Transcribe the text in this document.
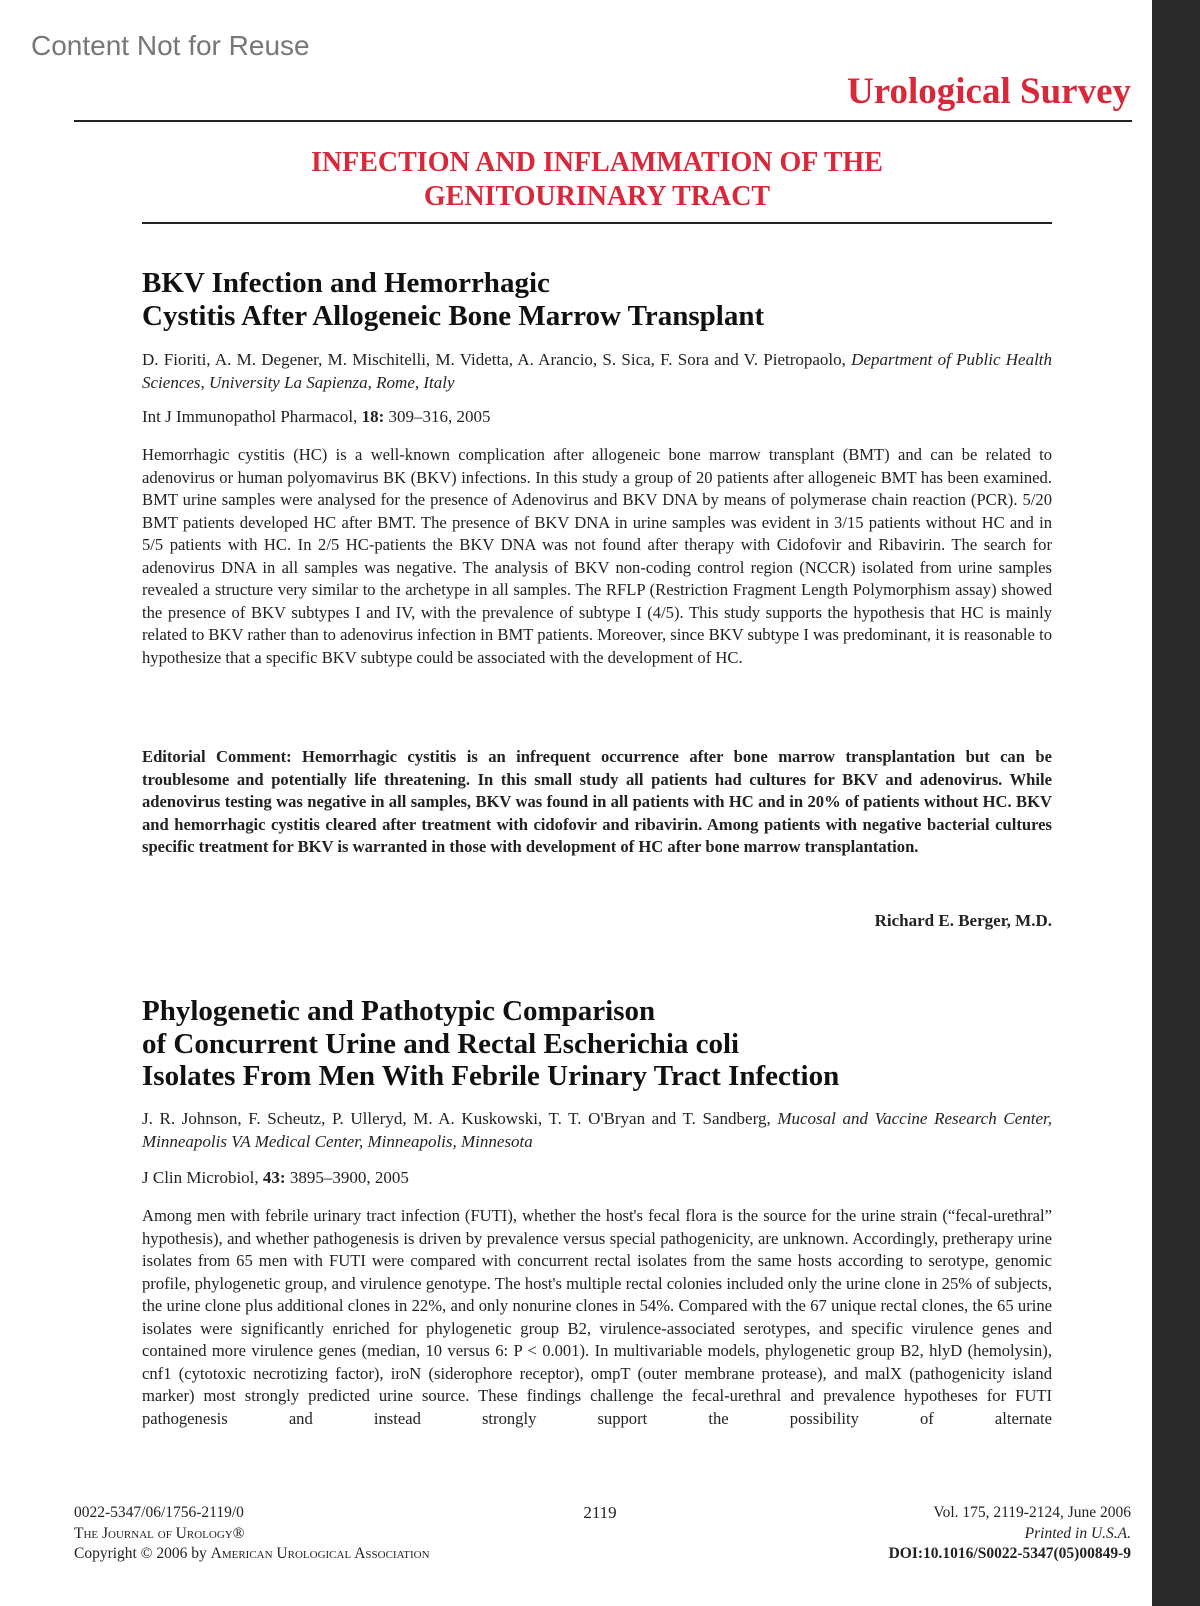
Content Not for Reuse
Urological Survey
INFECTION AND INFLAMMATION OF THE
GENITOURINARY TRACT
BKV Infection and Hemorrhagic
Cystitis After Allogeneic Bone Marrow Transplant
D. Fioriti, A. M. Degener, M. Mischitelli, M. Videtta, A. Arancio, S. Sica, F. Sora and V. Pietropaolo, Department of Public Health Sciences, University La Sapienza, Rome, Italy
Int J Immunopathol Pharmacol, 18: 309–316, 2005
Hemorrhagic cystitis (HC) is a well-known complication after allogeneic bone marrow transplant (BMT) and can be related to adenovirus or human polyomavirus BK (BKV) infections. In this study a group of 20 patients after allogeneic BMT has been examined. BMT urine samples were analysed for the presence of Adenovirus and BKV DNA by means of polymerase chain reaction (PCR). 5/20 BMT patients developed HC after BMT. The presence of BKV DNA in urine samples was evident in 3/15 patients without HC and in 5/5 patients with HC. In 2/5 HC-patients the BKV DNA was not found after therapy with Cidofovir and Ribavirin. The search for adenovirus DNA in all samples was negative. The analysis of BKV non-coding control region (NCCR) isolated from urine samples revealed a structure very similar to the archetype in all samples. The RFLP (Restriction Fragment Length Polymorphism assay) showed the presence of BKV subtypes I and IV, with the prevalence of subtype I (4/5). This study supports the hypothesis that HC is mainly related to BKV rather than to adenovirus infection in BMT patients. Moreover, since BKV subtype I was predominant, it is reasonable to hypothesize that a specific BKV subtype could be associated with the development of HC.
Editorial Comment: Hemorrhagic cystitis is an infrequent occurrence after bone marrow transplantation but can be troublesome and potentially life threatening. In this small study all patients had cultures for BKV and adenovirus. While adenovirus testing was negative in all samples, BKV was found in all patients with HC and in 20% of patients without HC. BKV and hemorrhagic cystitis cleared after treatment with cidofovir and ribavirin. Among patients with negative bacterial cultures specific treatment for BKV is warranted in those with development of HC after bone marrow transplantation.
Richard E. Berger, M.D.
Phylogenetic and Pathotypic Comparison
of Concurrent Urine and Rectal Escherichia coli
Isolates From Men With Febrile Urinary Tract Infection
J. R. Johnson, F. Scheutz, P. Ulleryd, M. A. Kuskowski, T. T. O'Bryan and T. Sandberg, Mucosal and Vaccine Research Center, Minneapolis VA Medical Center, Minneapolis, Minnesota
J Clin Microbiol, 43: 3895–3900, 2005
Among men with febrile urinary tract infection (FUTI), whether the host's fecal flora is the source for the urine strain (“fecal-urethral” hypothesis), and whether pathogenesis is driven by prevalence versus special pathogenicity, are unknown. Accordingly, pretherapy urine isolates from 65 men with FUTI were compared with concurrent rectal isolates from the same hosts according to serotype, genomic profile, phylogenetic group, and virulence genotype. The host's multiple rectal colonies included only the urine clone in 25% of subjects, the urine clone plus additional clones in 22%, and only nonurine clones in 54%. Compared with the 67 unique rectal clones, the 65 urine isolates were significantly enriched for phylogenetic group B2, virulence-associated serotypes, and specific virulence genes and contained more virulence genes (median, 10 versus 6: P < 0.001). In multivariable models, phylogenetic group B2, hlyD (hemolysin), cnf1 (cytotoxic necrotizing factor), iroN (siderophore receptor), ompT (outer membrane protease), and malX (pathogenicity island marker) most strongly predicted urine source. These findings challenge the fecal-urethral and prevalence hypotheses for FUTI pathogenesis and instead strongly support the possibility of alternate
0022-5347/06/1756-2119/0
The Journal of Urology®
Copyright © 2006 by American Urological Association
2119	Vol. 175, 2119-2124, June 2006
Printed in U.S.A.
DOI:10.1016/S0022-5347(05)00849-9
